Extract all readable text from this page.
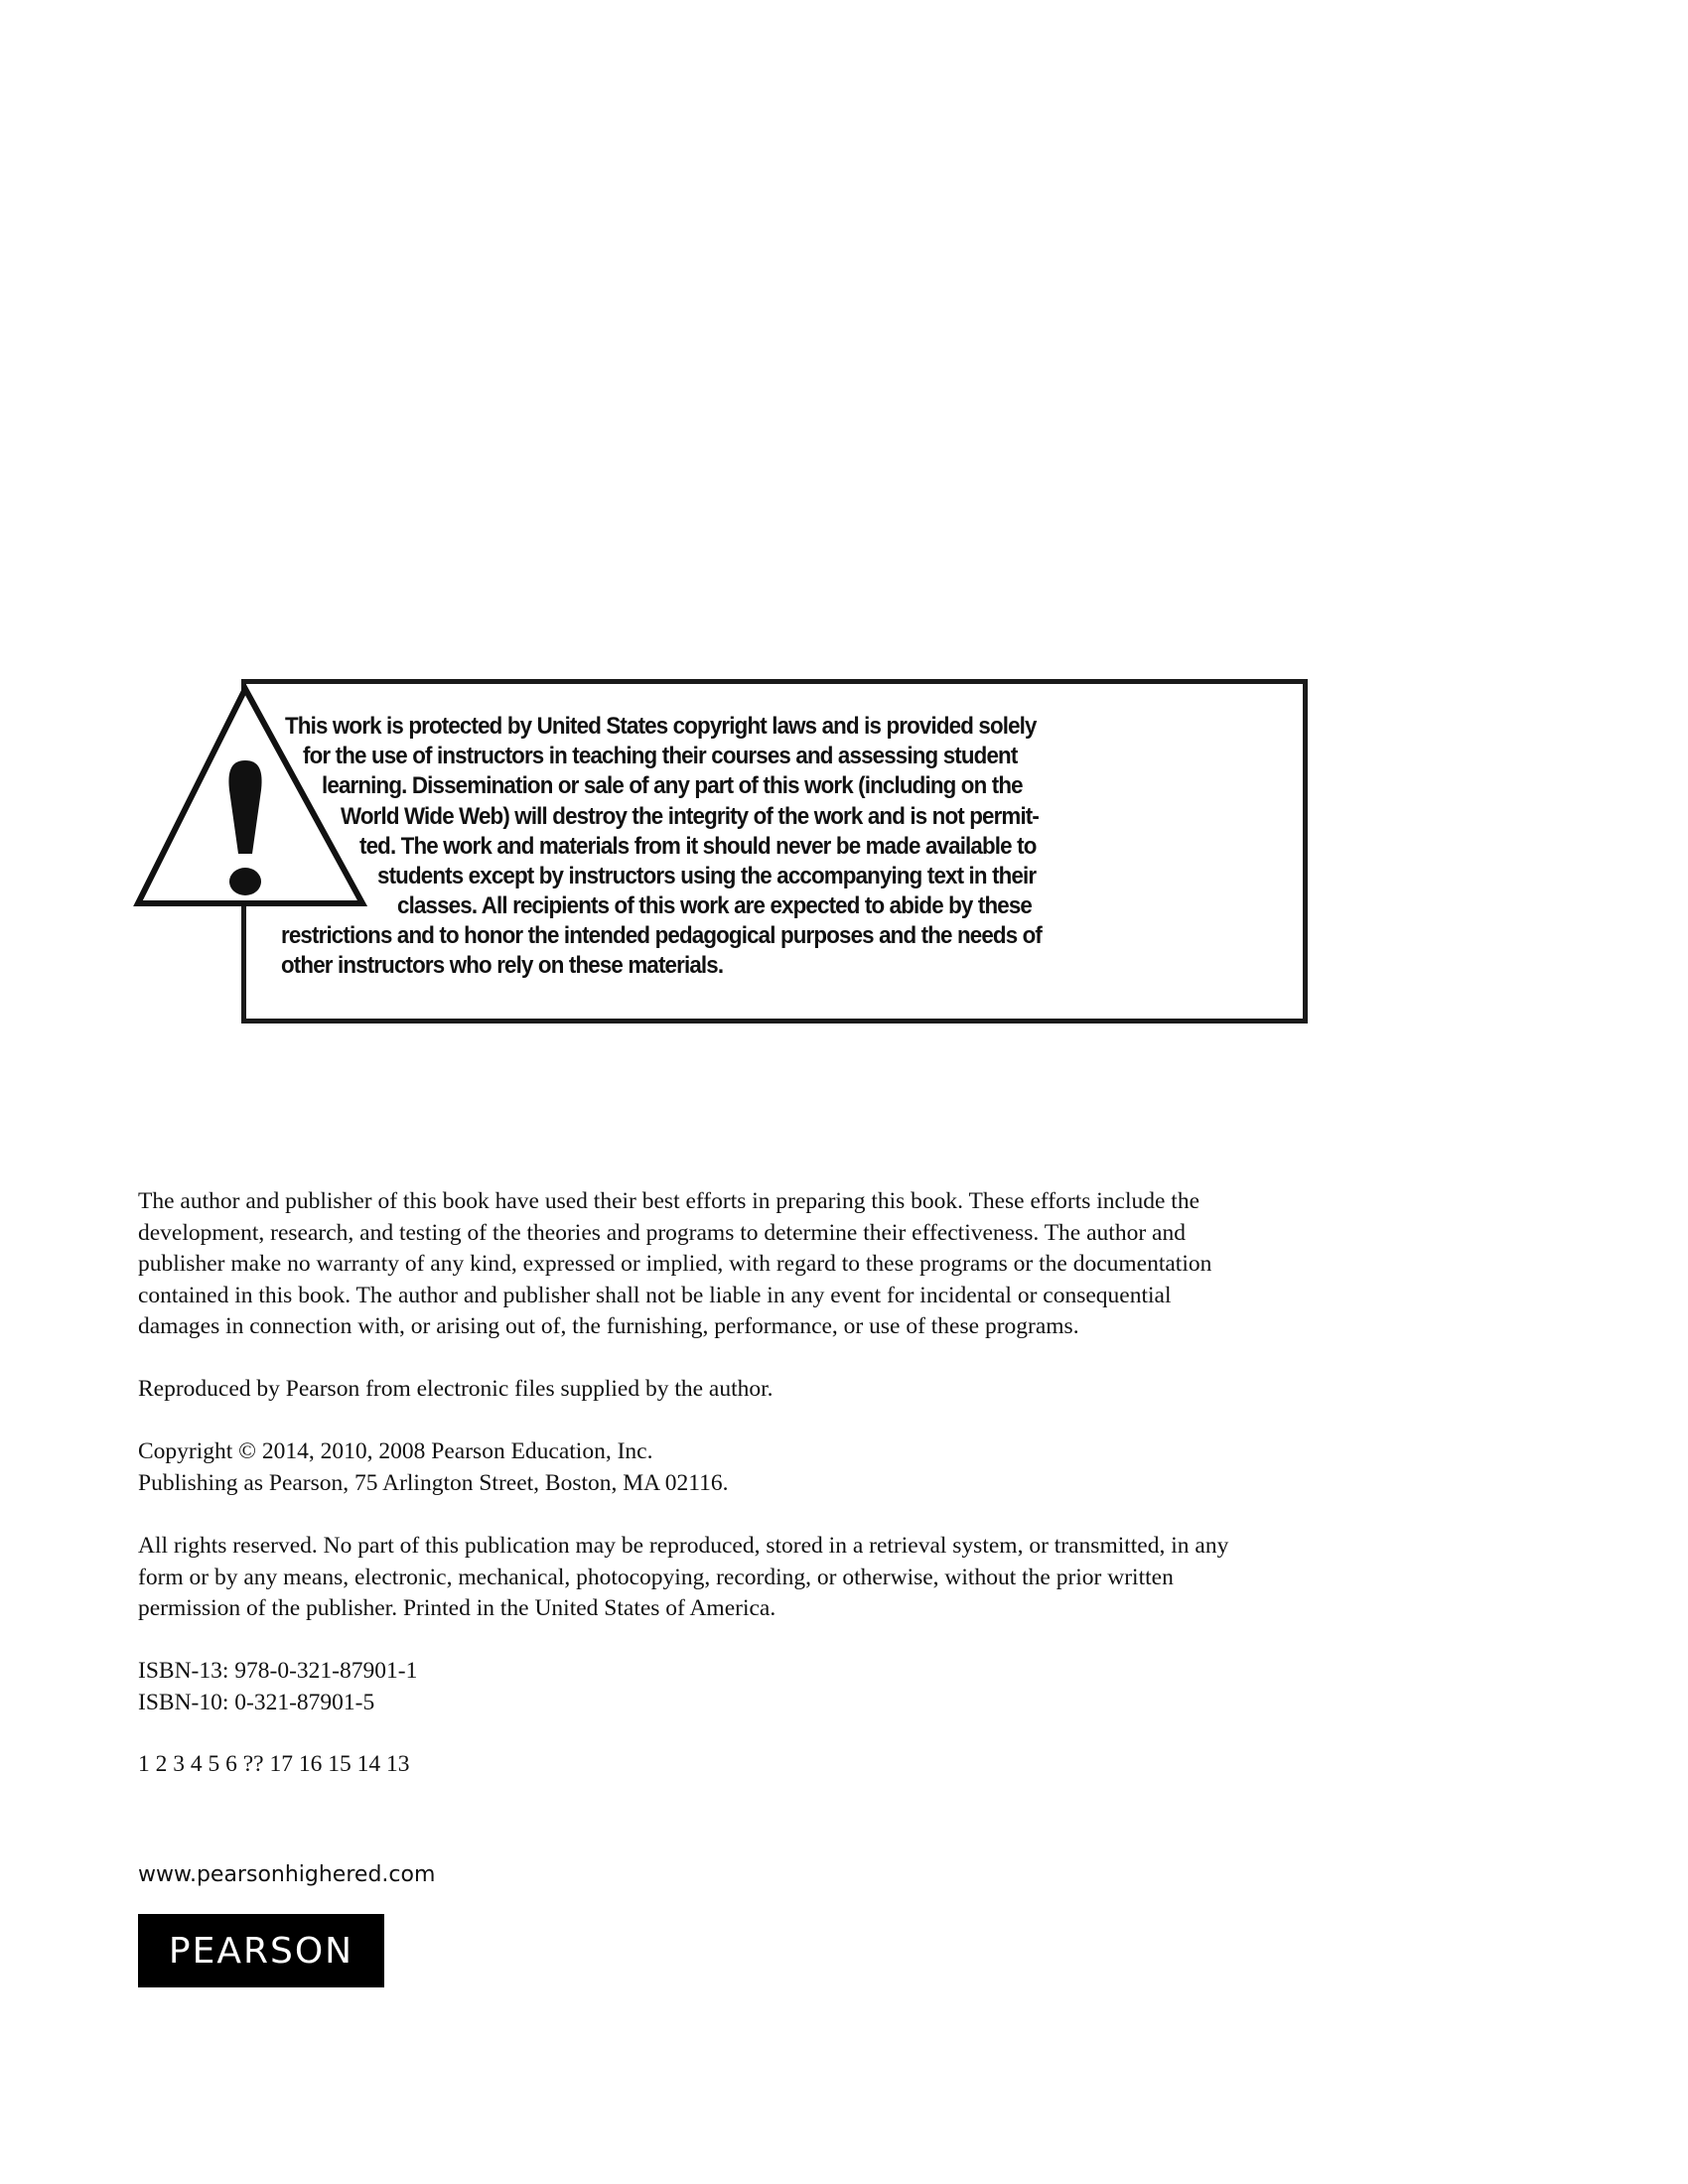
This work is protected by United States copyright laws and is provided solely
for the use of instructors in teaching their courses and assessing student
learning. Dissemination or sale of any part of this work (including on the
World Wide Web) will destroy the integrity of the work and is not permit-
ted. The work and materials from it should never be made available to
students except by instructors using the accompanying text in their
classes. All recipients of this work are expected to abide by these
restrictions and to honor the intended pedagogical purposes and the needs of
other instructors who rely on these materials.
The author and publisher of this book have used their best efforts in preparing this book. These efforts include the
development, research, and testing of the theories and programs to determine their effectiveness. The author and
publisher make no warranty of any kind, expressed or implied, with regard to these programs or the documentation
contained in this book. The author and publisher shall not be liable in any event for incidental or consequential
damages in connection with, or arising out of, the furnishing, performance, or use of these programs.
Reproduced by Pearson from electronic files supplied by the author.
Copyright © 2014, 2010, 2008 Pearson Education, Inc.
Publishing as Pearson, 75 Arlington Street, Boston, MA 02116.
All rights reserved. No part of this publication may be reproduced, stored in a retrieval system, or transmitted, in any
form or by any means, electronic, mechanical, photocopying, recording, or otherwise, without the prior written
permission of the publisher. Printed in the United States of America.
ISBN-13: 978-0-321-87901-1
ISBN-10: 0-321-87901-5
1 2 3 4 5 6 ?? 17 16 15 14 13
www.pearsonhighered.com
PEARSON
